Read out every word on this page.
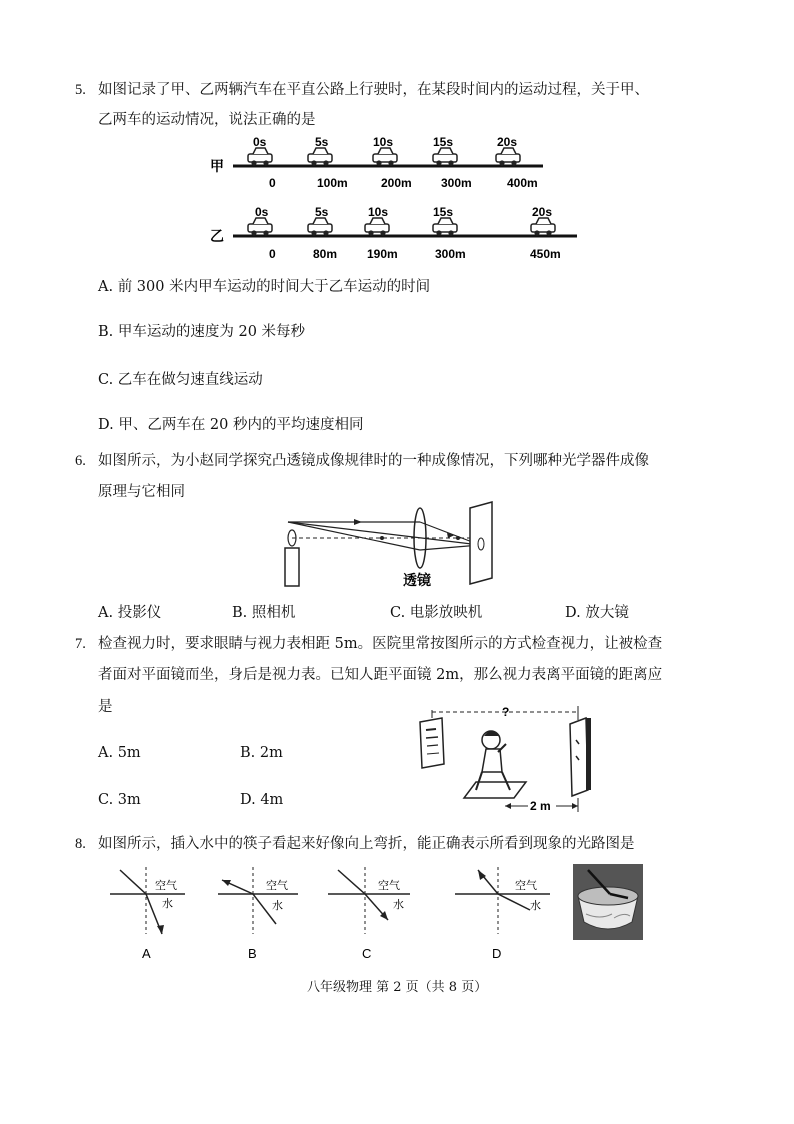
5. 如图记录了甲、乙两辆汽车在平直公路上行驶时，在某段时间内的运动过程，关于甲、
乙两车的运动情况，说法正确的是
甲
0s	5s	10s	15s	20s
0	100m	200m 300m	400m
乙
0s	5s	10s	15s	20s
0	80m 190m	300m	450m
A. 前 300 米内甲车运动的时间大于乙车运动的时间
B. 甲车运动的速度为 20 米每秒
C. 乙车在做匀速直线运动
D. 甲、乙两车在 20 秒内的平均速度相同
6. 如图所示，为小赵同学探究凸透镜成像规律时的一种成像情况，下列哪种光学器件成像
原理与它相同
透镜
A. 投影仪	B. 照相机	C. 电影放映机	D. 放大镜
7. 检查视力时，要求眼睛与视力表相距 5m。医院里常按图所示的方式检查视力，让被检查
者面对平面镜而坐，身后是视力表。已知人距平面镜 2m，那么视力表离平面镜的距离应
是	?
2 m
A. 5m	B. 2m
C. 3m	D. 4m
8. 如图所示，插入水中的筷子看起来好像向上弯折，能正确表示所看到现象的光路图是
空气
水
A
空气
水
B
空气
水
C
空气
水
D
八年级物理 第 2 页（共 8 页）
